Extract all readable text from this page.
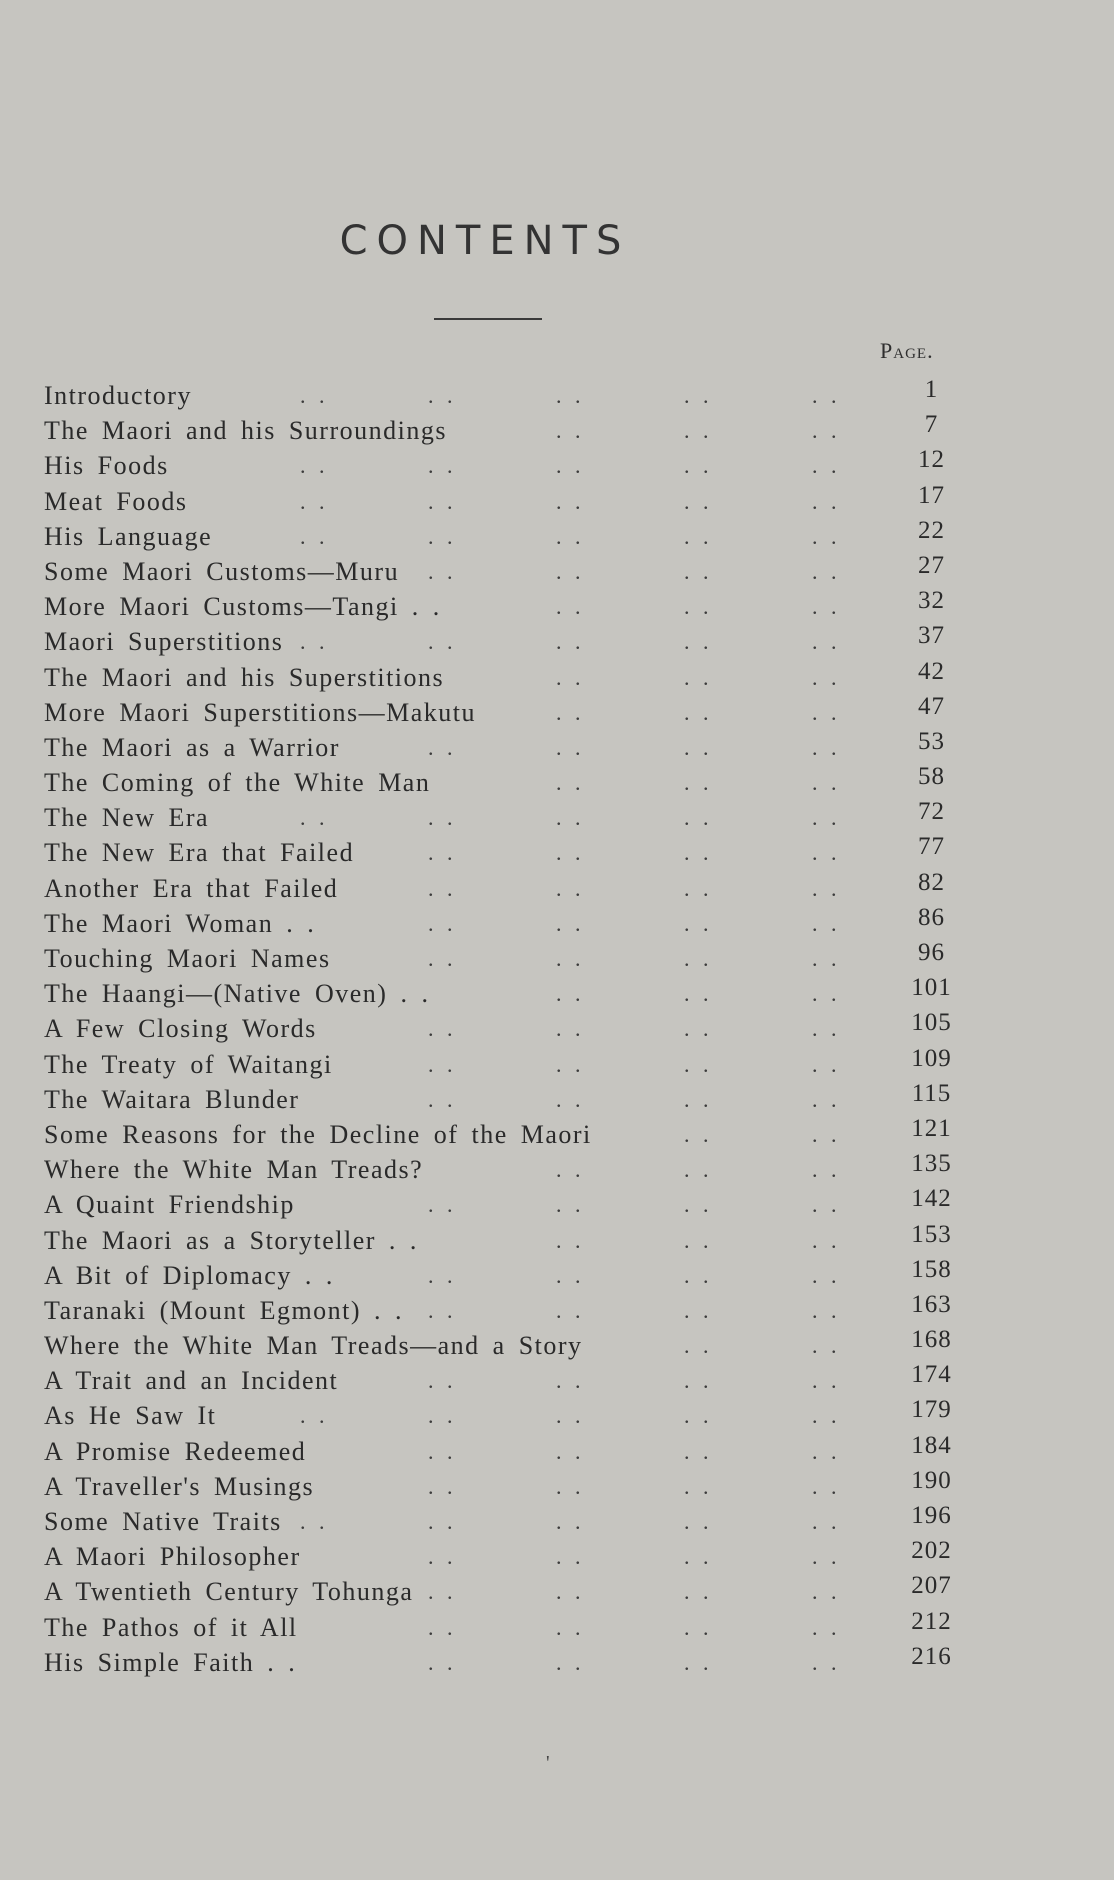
CONTENTS
Page.
Introductory	1
. .	. .	. .	. .	. .
The Maori and his Surroundings	7
. .	. .	. .
His Foods	12
. .	. .	. .	. .	. .
Meat Foods	17
. .	. .	. .	. .	. .
His Language	22
. .	. .	. .	. .	. .
Some Maori Customs—Muru	27
. .	. .	. .	. .
More Maori Customs—Tangi . .	32
. .	. .	. .
Maori Superstitions	37
. .	. .	. .	. .	. .
The Maori and his Superstitions	42
. .	. .	. .
More Maori Superstitions—Makutu	47
. .	. .	. .
The Maori as a Warrior	53
. .	. .	. .	. .
The Coming of the White Man	58
. .	. .	. .
The New Era	72
. .	. .	. .	. .	. .
The New Era that Failed	77
. .	. .	. .	. .
Another Era that Failed	82
. .	. .	. .	. .
The Maori Woman . .	86
. .	. .	. .	. .
Touching Maori Names	96
. .	. .	. .	. .
The Haangi—(Native Oven) . .	101
. .	. .	. .
A Few Closing Words	105
. .	. .	. .	. .
The Treaty of Waitangi	109
. .	. .	. .	. .
The Waitara Blunder	115
. .	. .	. .	. .
Some Reasons for the Decline of the Maori	121
. .	. .
Where the White Man Treads?	135
. .	. .	. .
A Quaint Friendship	142
. .	. .	. .	. .
The Maori as a Storyteller . .	153
. .	. .	. .
A Bit of Diplomacy . .	158
. .	. .	. .	. .
Taranaki (Mount Egmont) . .	163
. .	. .	. .	. .
Where the White Man Treads—and a Story	168
. .	. .
A Trait and an Incident	174
. .	. .	. .	. .
As He Saw It	179
. .	. .	. .	. .	. .
A Promise Redeemed	184
. .	. .	. .	. .
A Traveller's Musings	190
. .	. .	. .	. .
Some Native Traits	196
. .	. .	. .	. .	. .
A Maori Philosopher	202
. .	. .	. .	. .
A Twentieth Century Tohunga	207
. .	. .	. .	. .
The Pathos of it All	212
. .	. .	. .	. .
His Simple Faith . .	216
. .	. .	. .	. .
'
